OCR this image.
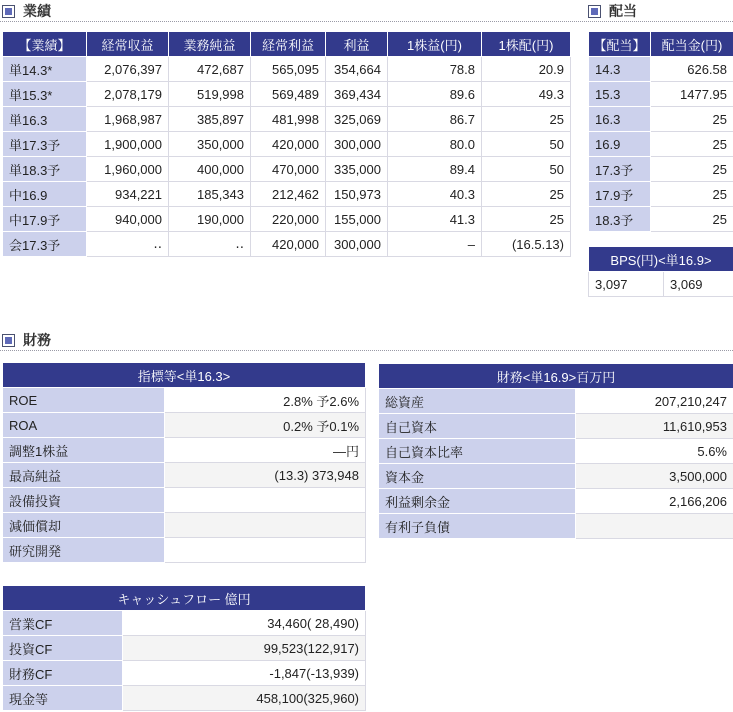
業績	配当
【業績】	経常収益	業務純益	経常利益	利益	1株益(円)	1株配(円)
単14.3*	2,076,397	472,687	565,095	354,664	78.8	20.9
単15.3*	2,078,179	519,998	569,489	369,434	89.6	49.3
単16.3	1,968,987	385,897	481,998	325,069	86.7	25
単17.3予	1,900,000	350,000	420,000	300,000	80.0	50
単18.3予	1,960,000	400,000	470,000	335,000	89.4	50
中16.9	934,221	185,343	212,462	150,973	40.3	25
中17.9予	940,000	190,000	220,000	155,000	41.3	25
会17.3予	‥	‥	420,000	300,000	–	(16.5.13)
【配当】	配当金(円)
14.3	626.58
15.3	1477.95
16.3	25
16.9	25
17.3予	25
17.9予	25
18.3予	25
BPS(円)<単16.9>
3,097	3,069
財務
指標等<単16.3>	
ROE	2.8% 予2.6%
ROA	0.2% 予0.1%
調整1株益	―円
最高純益	(13.3) 373,948
設備投資	
減価償却	
研究開発	
財務<単16.9>百万円	
総資産	207,210,247
自己資本	11,610,953
自己資本比率	5.6%
資本金	3,500,000
利益剰余金	2,166,206
有利子負債	
キャッシュフロー 億円	
営業CF	34,460( 28,490)
投資CF	99,523(122,917)
財務CF	-1,847(-13,939)
現金等	458,100(325,960)
